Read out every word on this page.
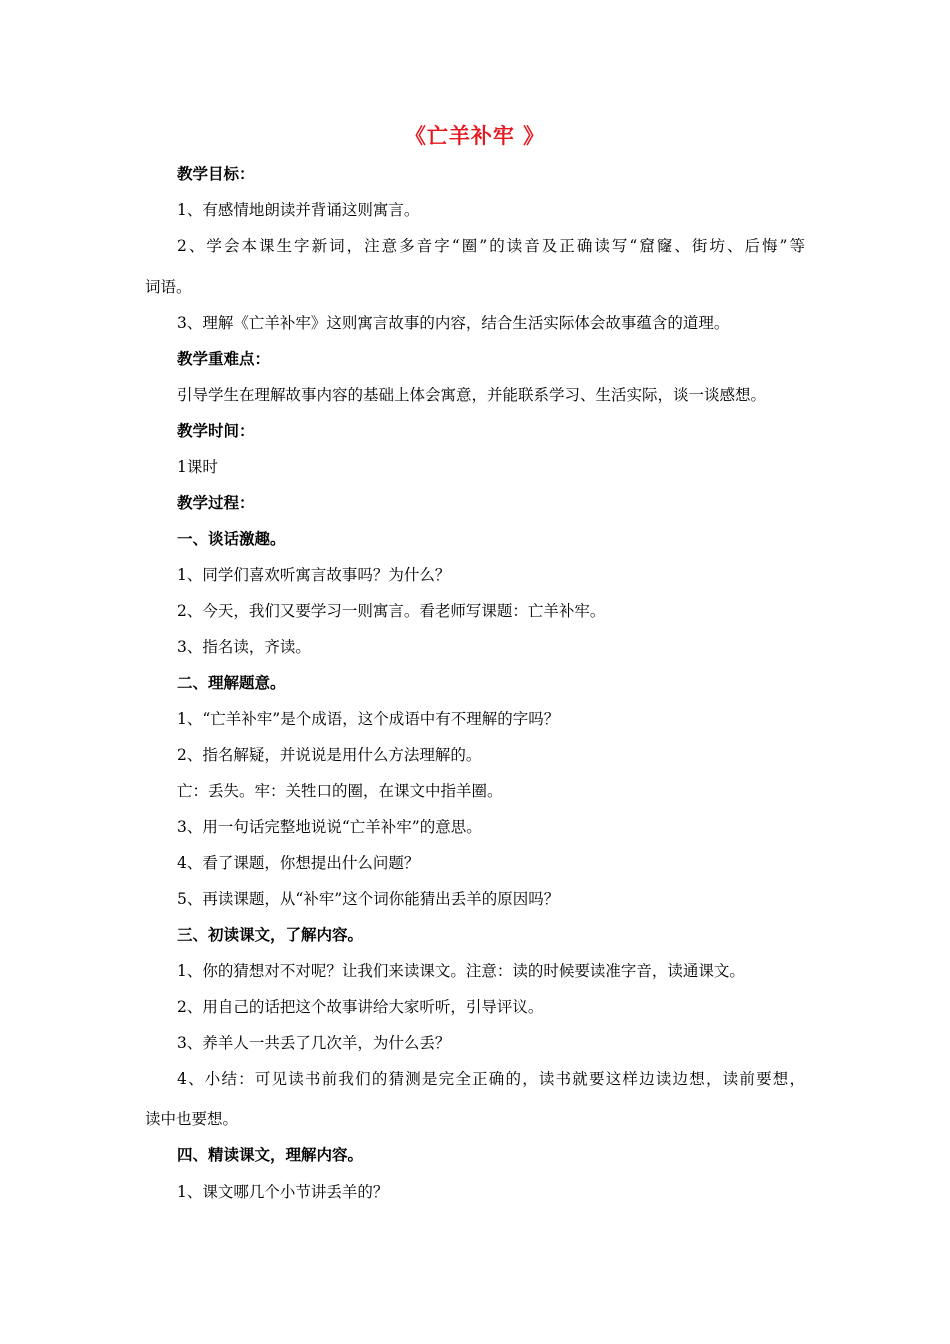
《亡羊补牢 》
教学目标：
1、有感情地朗读并背诵这则寓言。
2、学会本课生字新词，注意多音字“圈”的读音及正确读写“窟窿、街坊、后悔”等
词语。
3、理解《亡羊补牢》这则寓言故事的内容，结合生活实际体会故事蕴含的道理。
教学重难点：
引导学生在理解故事内容的基础上体会寓意，并能联系学习、生活实际，谈一谈感想。
教学时间：
1课时
教学过程：
一、谈话激趣。
1、同学们喜欢听寓言故事吗？为什么？
2、今天，我们又要学习一则寓言。看老师写课题：亡羊补牢。
3、指名读，齐读。
二、理解题意。
1、“亡羊补牢”是个成语，这个成语中有不理解的字吗？
2、指名解疑，并说说是用什么方法理解的。
亡：丢失。牢：关牲口的圈，在课文中指羊圈。
3、用一句话完整地说说“亡羊补牢”的意思。
4、看了课题，你想提出什么问题？
5、再读课题，从“补牢”这个词你能猜出丢羊的原因吗？
三、初读课文，了解内容。
1、你的猜想对不对呢？让我们来读课文。注意：读的时候要读准字音，读通课文。
2、用自己的话把这个故事讲给大家听听，引导评议。
3、养羊人一共丢了几次羊，为什么丢？
4、小结：可见读书前我们的猜测是完全正确的，读书就要这样边读边想，读前要想，
读中也要想。
四、精读课文，理解内容。
1、课文哪几个小节讲丢羊的？
